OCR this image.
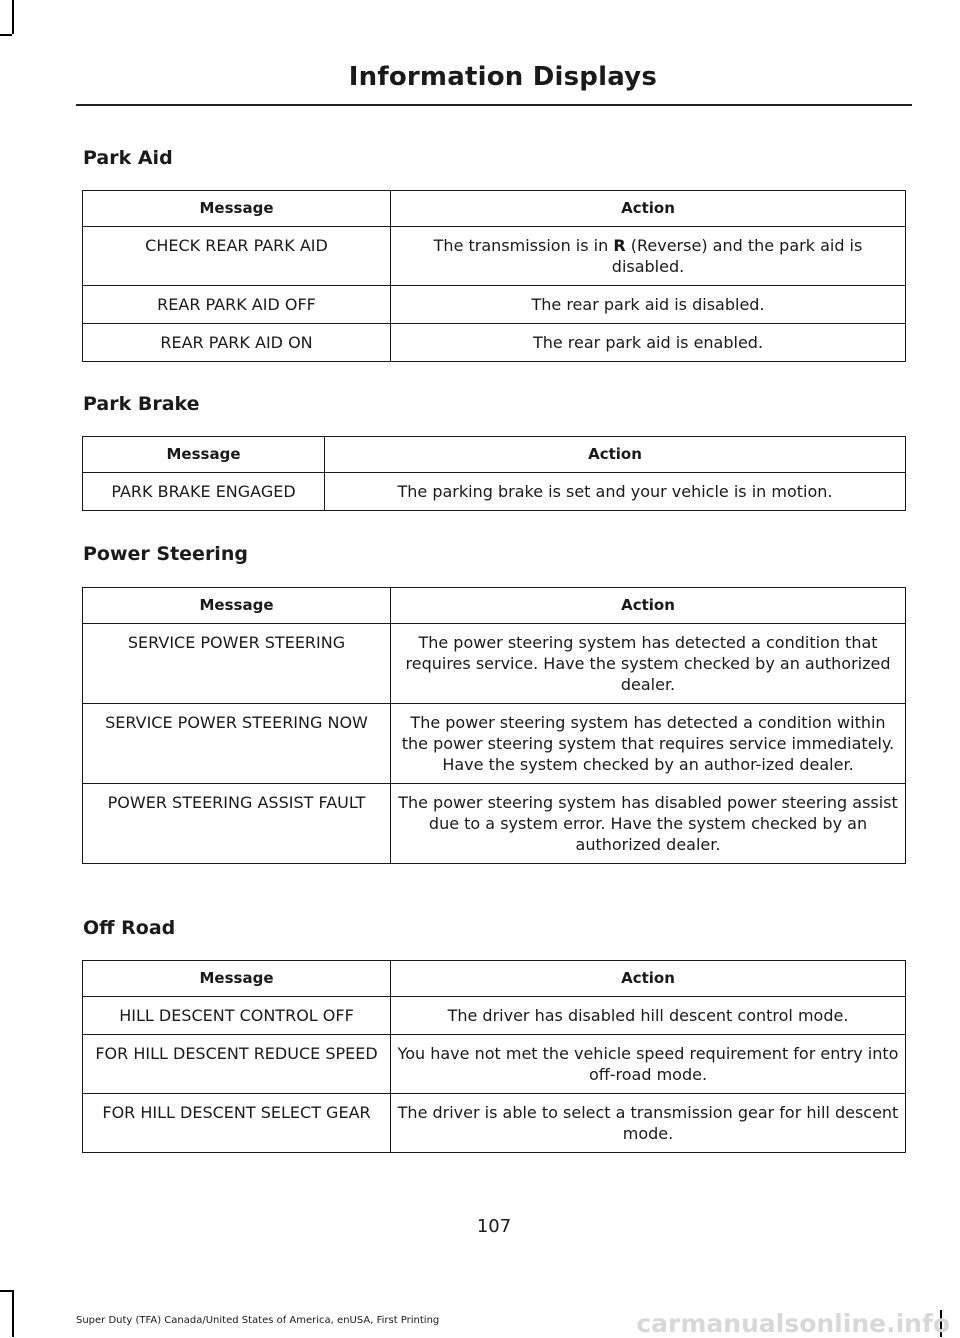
Information Displays
Park Aid
Message	Action
CHECK REAR PARK AID	The transmission is in R (Reverse) and the park aid is disabled.
REAR PARK AID OFF	The rear park aid is disabled.
REAR PARK AID ON	The rear park aid is enabled.
Park Brake
Message	Action
PARK BRAKE ENGAGED	The parking brake is set and your vehicle is in motion.
Power Steering
Message	Action
SERVICE POWER STEERING	The power steering system has detected a condition that requires service. Have the system checked by an authorized dealer.
SERVICE POWER STEERING NOW	The power steering system has detected a condition within the power steering system that requires service immediately. Have the system checked by an author-ized dealer.
POWER STEERING ASSIST FAULT	The power steering system has disabled power steering assist due to a system error. Have the system checked by an authorized dealer.
Off Road
Message	Action
HILL DESCENT CONTROL OFF	The driver has disabled hill descent control mode.
FOR HILL DESCENT REDUCE SPEED	You have not met the vehicle speed requirement for entry into off-road mode.
FOR HILL DESCENT SELECT GEAR	The driver is able to select a transmission gear for hill descent mode.
107
Super Duty (TFA) Canada/United States of America, enUSA, First Printing	carmanualsonline.info
